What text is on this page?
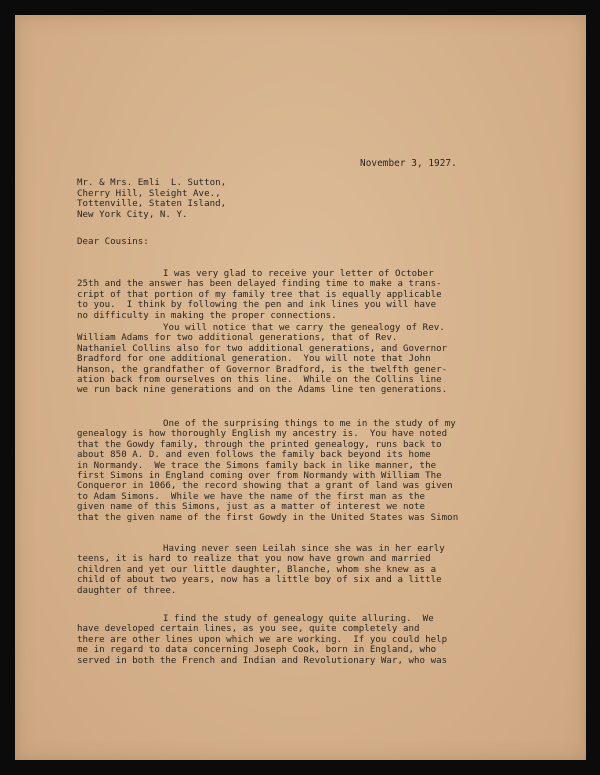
November 3, 1927.
Mr. & Mrs. Emli  L. Sutton,
Cherry Hill, Sleight Ave.,
Tottenville, Staten Island,
New York City, N. Y.
Dear Cousins:
I was very glad to receive your letter of October
25th and the answer has been delayed finding time to make a trans-
cript of that portion of my family tree that is equally applicable
to you.  I think by following the pen and ink lines you will have
no difficulty in making the proper connections.
You will notice that we carry the genealogy of Rev.
William Adams for two additional generations, that of Rev.
Nathaniel Collins also for two additional generations, and Governor
Bradford for one additional generation.  You will note that John
Hanson, the grandfather of Governor Bradford, is the twelfth gener-
ation back from ourselves on this line.  While on the Collins line
we run back nine generations and on the Adams line ten generations.
One of the surprising things to me in the study of my
genealogy is how thoroughly English my ancestry is.  You have noted
that the Gowdy family, through the printed genealogy, runs back to
about 850 A. D. and even follows the family back beyond its home
in Normandy.  We trace the Simons family back in like manner, the
first Simons in England coming over from Normandy with William The
Conqueror in 1066, the record showing that a grant of land was given
to Adam Simons.  While we have the name of the first man as the
given name of this Simons, just as a matter of interest we note
that the given name of the first Gowdy in the United States was Simon
Having never seen Leilah since she was in her early
teens, it is hard to realize that you now have grown and married
children and yet our little daughter, Blanche, whom she knew as a
child of about two years, now has a little boy of six and a little
daughter of three.
I find the study of genealogy quite alluring.  We
have developed certain lines, as you see, quite completely and
there are other lines upon which we are working.  If you could help
me in regard to data concerning Joseph Cook, born in England, who
served in both the French and Indian and Revolutionary War, who was
